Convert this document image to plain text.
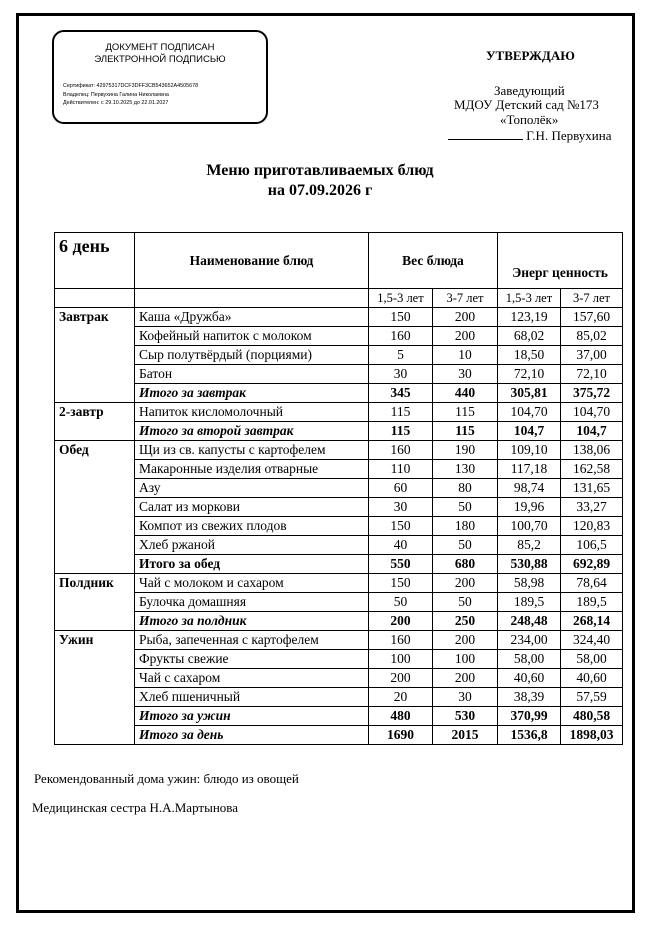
ДОКУМЕНТ ПОДПИСАН
ЭЛЕКТРОННОЙ ПОДПИСЬЮ
Сертификат: 42975317DCF3DFF3CB543652A4505678
Владелец: Первухина Галина Николаевна
Действителен: с 29.10.2025 до 22.01.2027
УТВЕРЖДАЮ
Заведующий
МДОУ Детский сад №173
«Тополёк»
Г.Н. Первухина
Меню приготавливаемых блюд
на 07.09.2026 г
6 день	Наименование блюд	Вес блюда		Энерг ценность	
		1,5-3 лет	3-7 лет	1,5-3 лет	3-7 лет
Завтрак	Каша «Дружба»	150	200	123,19	157,60
	Кофейный напиток с молоком	160	200	68,02	85,02
	Сыр полутвёрдый (порциями)	5	10	18,50	37,00
	Батон	30	30	72,10	72,10
	Итого за завтрак	345	440	305,81	375,72
2-завтр	Напиток кисломолочный	115	115	104,70	104,70
	Итого за второй завтрак	115	115	104,7	104,7
Обед	Щи из св. капусты с картофелем	160	190	109,10	138,06
	Макаронные изделия отварные	110	130	117,18	162,58
	Азу	60	80	98,74	131,65
	Салат из моркови	30	50	19,96	33,27
	Компот из свежих плодов	150	180	100,70	120,83
	Хлеб ржаной	40	50	85,2	106,5
	Итого за обед	550	680	530,88	692,89
Полдник	Чай с молоком и сахаром	150	200	58,98	78,64
	Булочка домашняя	50	50	189,5	189,5
	Итого за полдник	200	250	248,48	268,14
Ужин	Рыба, запеченная с картофелем	160	200	234,00	324,40
	Фрукты свежие	100	100	58,00	58,00
	Чай с сахаром	200	200	40,60	40,60
	Хлеб пшеничный	20	30	38,39	57,59
	Итого за ужин	480	530	370,99	480,58
	Итого за день	1690	2015	1536,8	1898,03
Рекомендованный дома ужин: блюдо из овощей
Медицинская сестра Н.А.Мартынова
